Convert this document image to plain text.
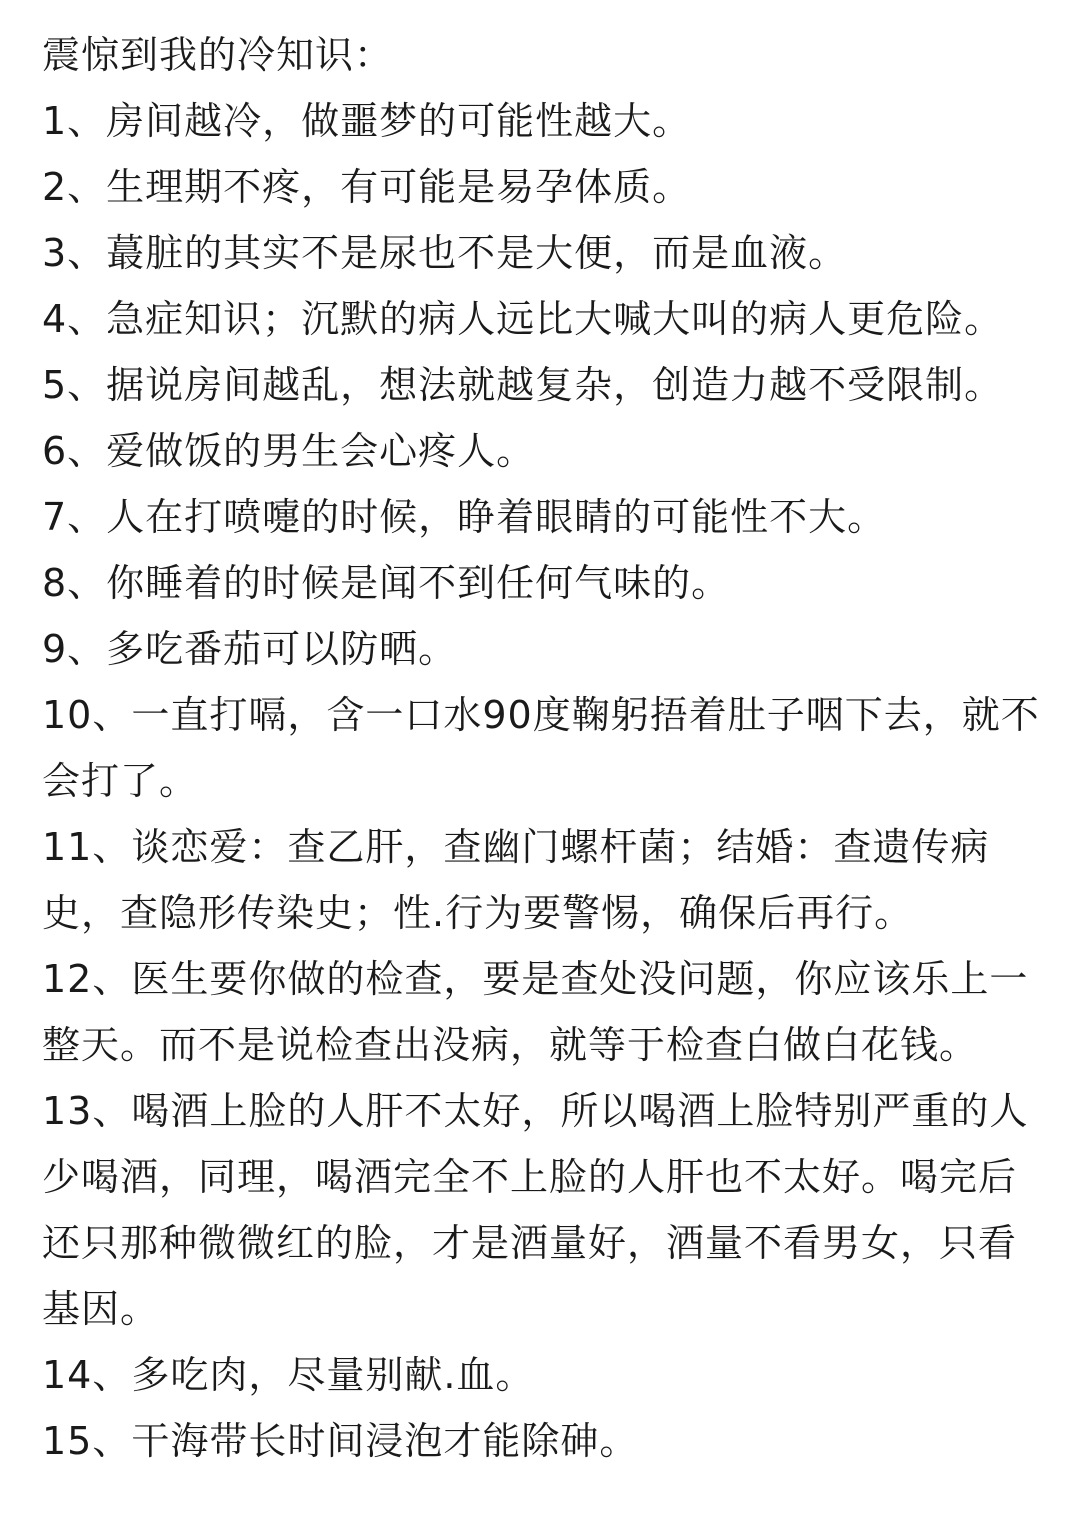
震惊到我的冷知识：

1、房间越冷，做噩梦的可能性越大。

2、生理期不疼，有可能是易孕体质。

3、蕞脏的其实不是尿也不是大便，而是血液。

4、急症知识；沉默的病人远比大喊大叫的病人更危险。

5、据说房间越乱，想法就越复杂，创造力越不受限制。

6、爱做饭的男生会心疼人。

7、人在打喷嚏的时候，睁着眼睛的可能性不大。

8、你睡着的时候是闻不到任何气味的。

9、多吃番茄可以防晒。

10、一直打嗝，含一口水90度鞠躬捂着肚子咽下去，就不会打了。

11、谈恋爱：查乙肝，查幽门螺杆菌；结婚：查遗传病史，查隐形传染史；性.行为要警惕，确保后再行。

12、医生要你做的检查，要是查处没问题，你应该乐上一整天。而不是说检查出没病，就等于检查白做白花钱。

13、喝酒上脸的人肝不太好，所以喝酒上脸特别严重的人少喝酒，同理，喝酒完全不上脸的人肝也不太好。喝完后还只那种微微红的脸，才是酒量好，酒量不看男女，只看基因。

14、多吃肉，尽量别献.血。

15、干海带长时间浸泡才能除砷。
